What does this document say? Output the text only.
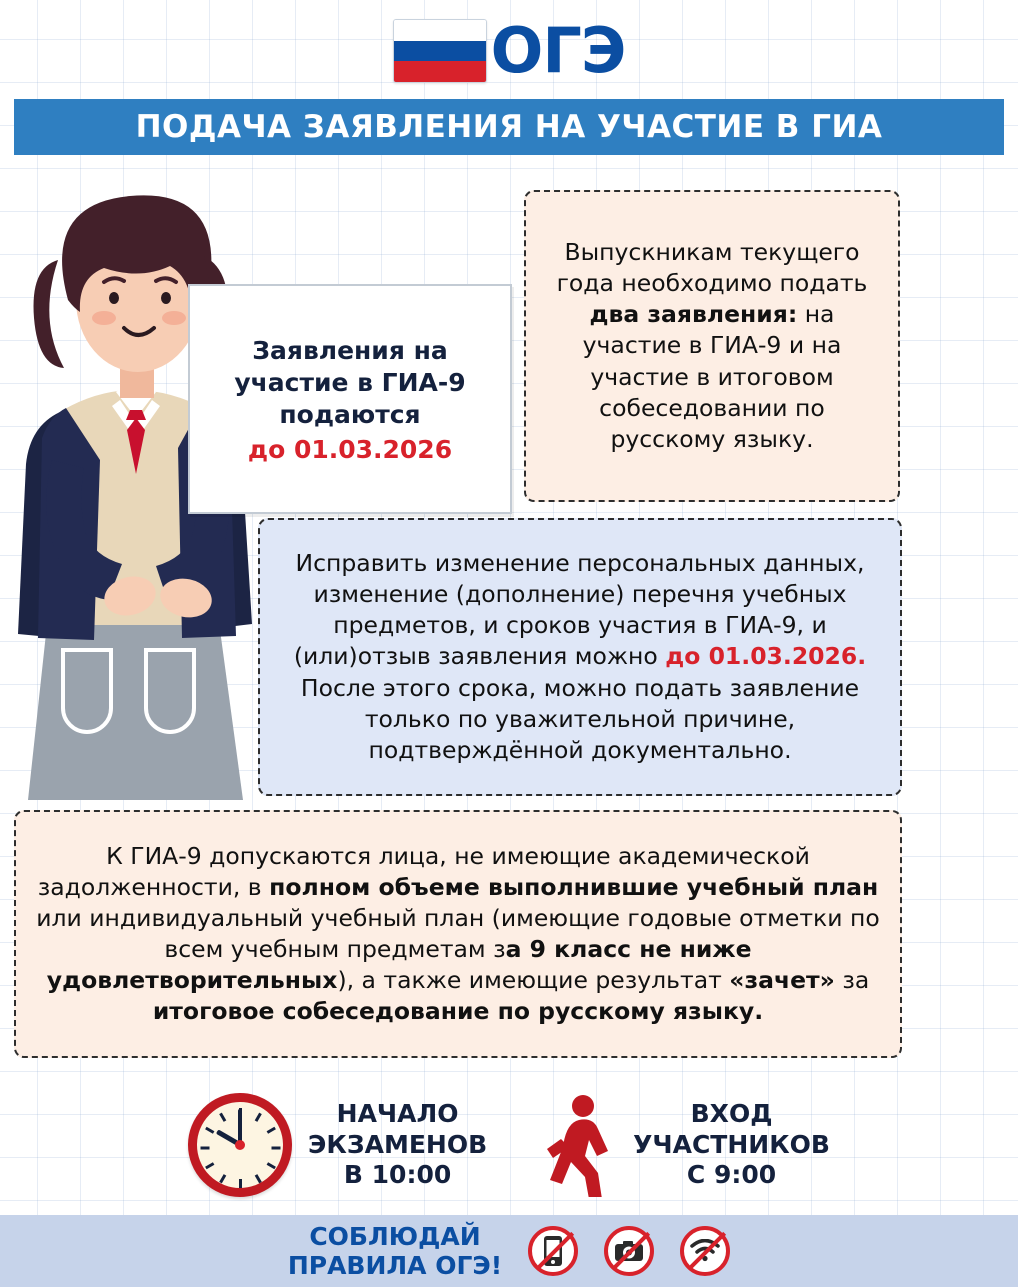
ОГЭ
ПОДАЧА ЗАЯВЛЕНИЯ НА УЧАСТИЕ В ГИА
Заявления на
участие в ГИА-9
подаются
до 01.03.2026
Выпускникам текущего года необходимо подать два заявления: на участие в ГИА-9 и на участие в итоговом собеседовании по русскому языку.
Исправить изменение персональных данных, изменение (дополнение) перечня учебных предметов, и сроков участия в ГИА-9, и (или)отзыв заявления можно до 01.03.2026. После этого срока, можно подать заявление только по уважительной причине, подтверждённой документально.
К ГИА-9 допускаются лица, не имеющие академической задолженности, в полном объеме выполнившие учебный план или индивидуальный учебный план (имеющие годовые отметки по всем учебным предметам за 9 класс не ниже удовлетворительных), а также имеющие результат «зачет» за итоговое собеседование по русскому языку.
НАЧАЛО
ЭКЗАМЕНОВ
В 10:00
ВХОД
УЧАСТНИКОВ
С 9:00
СОБЛЮДАЙ
ПРАВИЛА ОГЭ!
